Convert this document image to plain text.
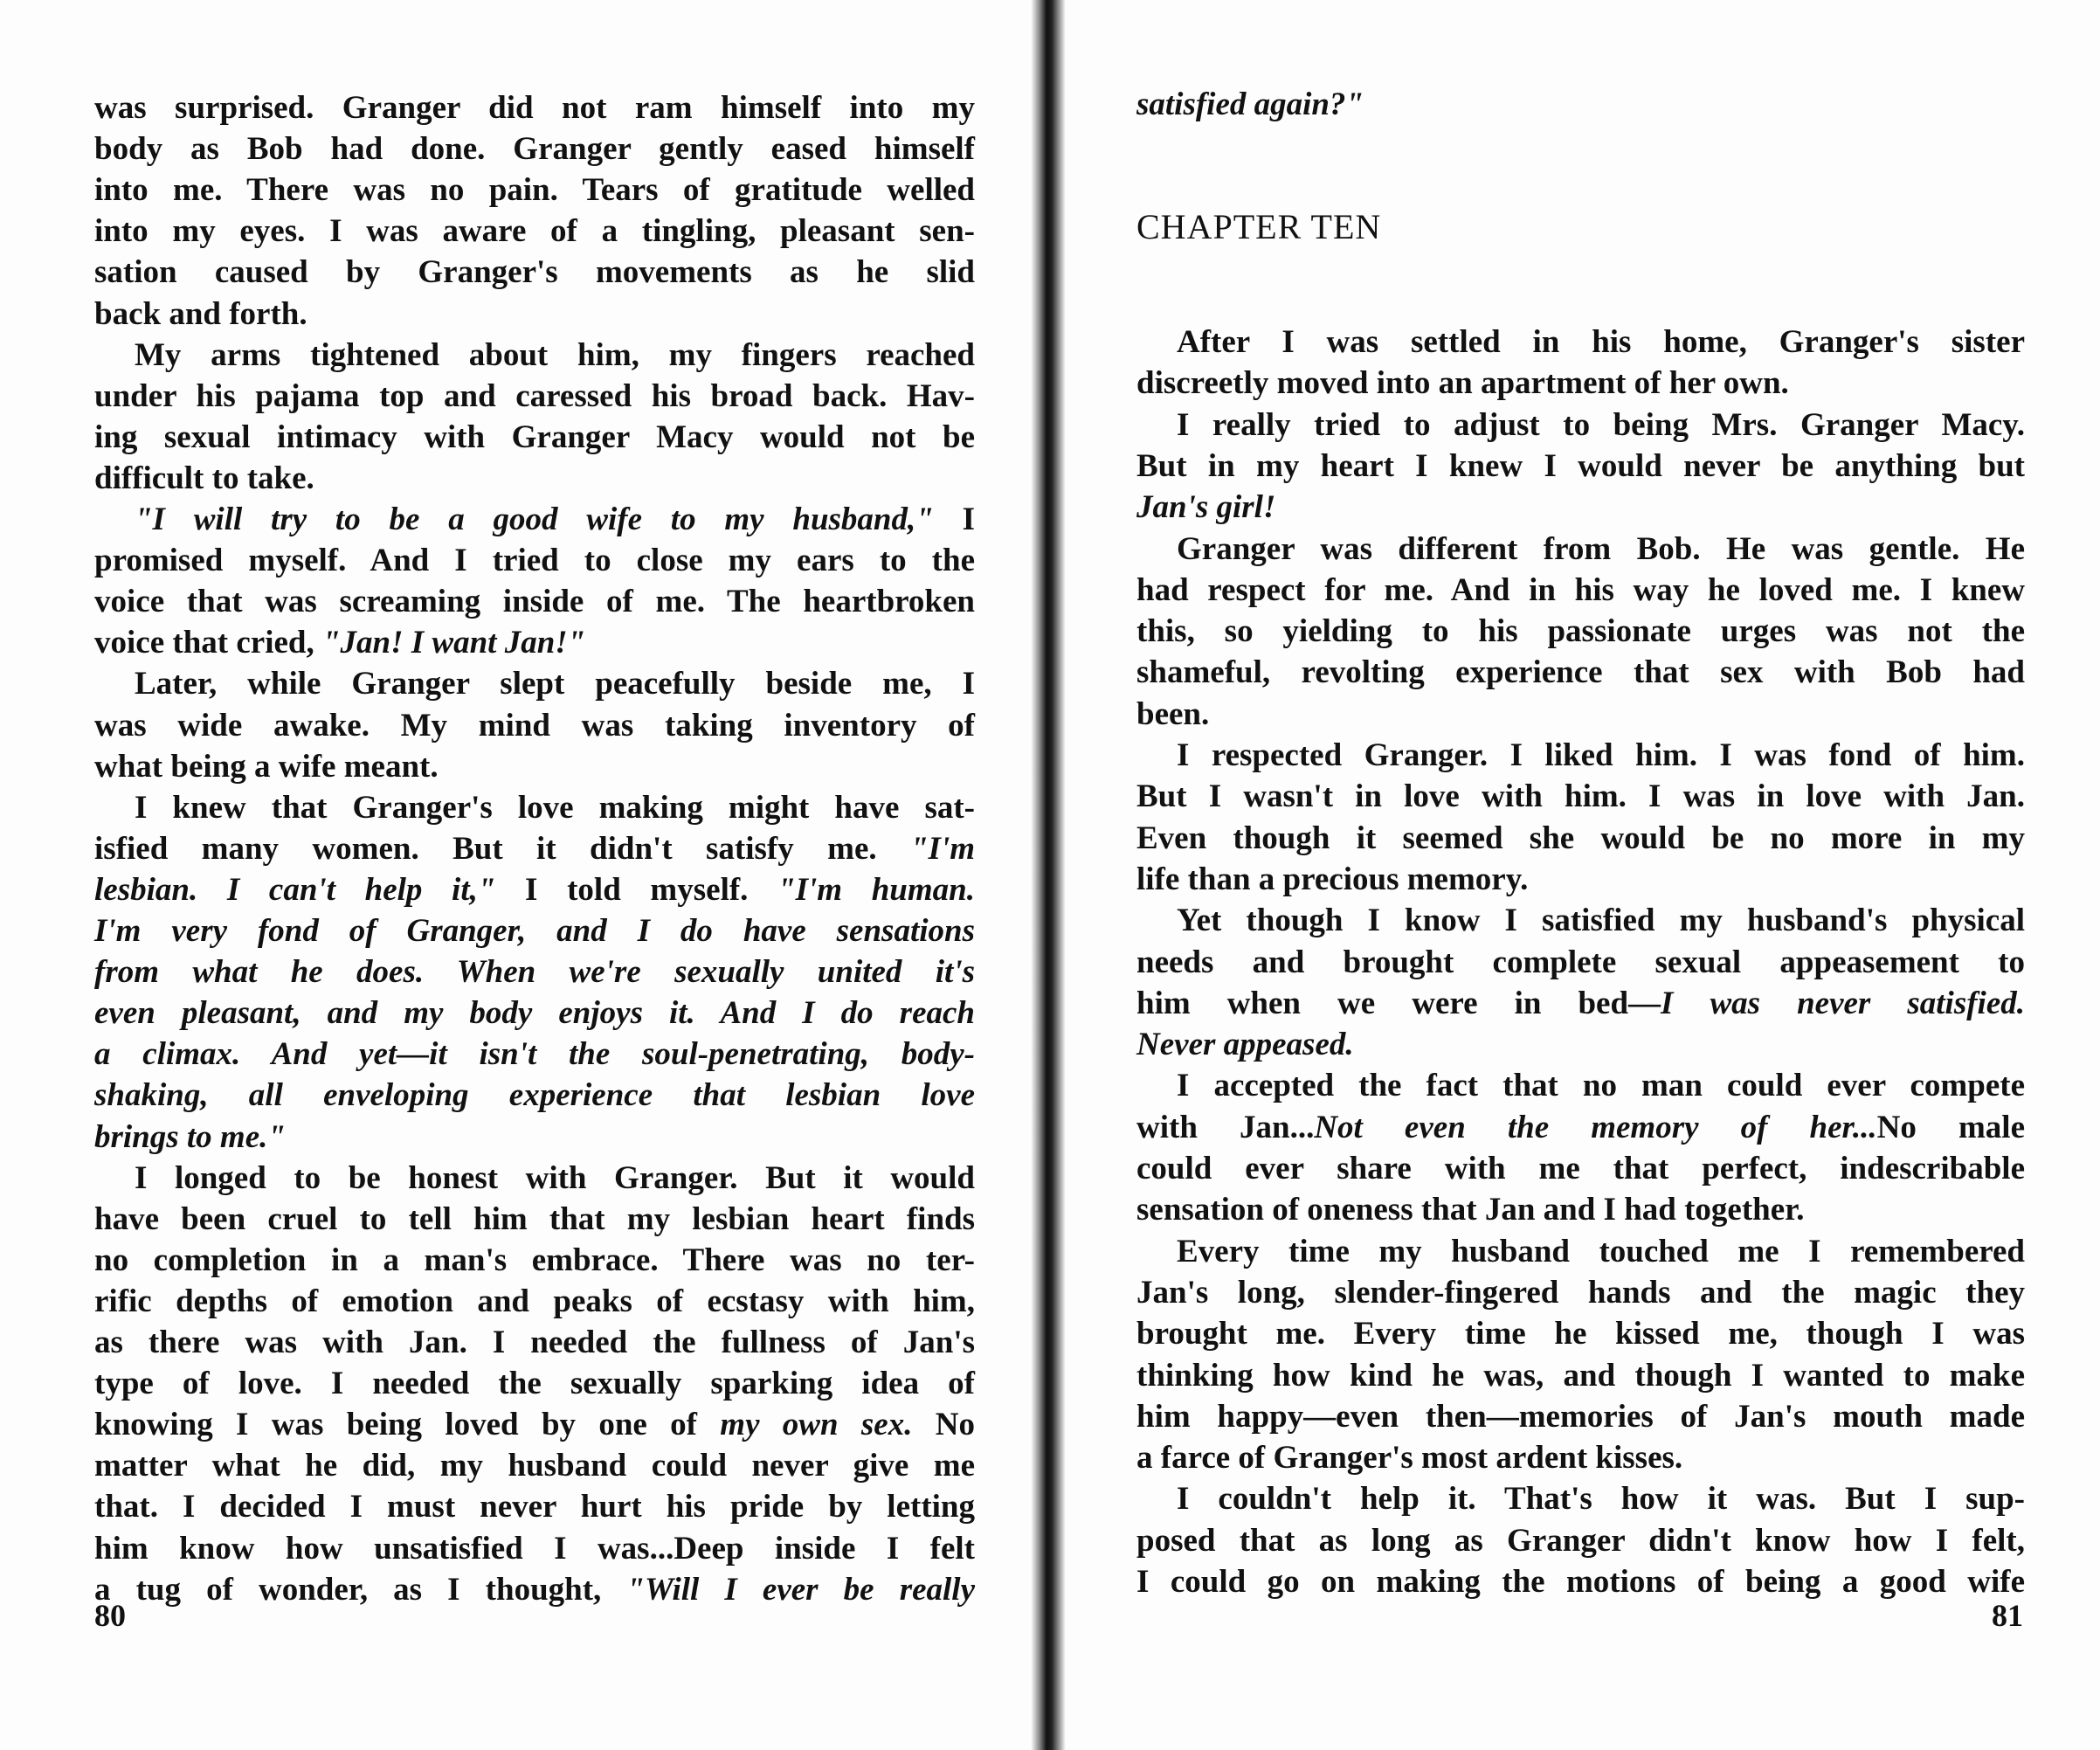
was surprised. Granger did not ram himself into my
body as Bob had done. Granger gently eased himself
into me. There was no pain. Tears of gratitude welled
into my eyes. I was aware of a tingling, pleasant sen-
sation caused by Granger's movements as he slid
back and forth.
My arms tightened about him, my fingers reached
under his pajama top and caressed his broad back. Hav-
ing sexual intimacy with Granger Macy would not be
difficult to take.
"I will try to be a good wife to my husband," I
promised myself. And I tried to close my ears to the
voice that was screaming inside of me. The heartbroken
voice that cried, "Jan! I want Jan!"
Later, while Granger slept peacefully beside me, I
was wide awake. My mind was taking inventory of
what being a wife meant.
I knew that Granger's love making might have sat-
isfied many women. But it didn't satisfy me. "I'm
lesbian. I can't help it," I told myself. "I'm human.
I'm very fond of Granger, and I do have sensations
from what he does. When we're sexually united it's
even pleasant, and my body enjoys it. And I do reach
a climax. And yet—it isn't the soul-penetrating, body-
shaking, all enveloping experience that lesbian love
brings to me."
I longed to be honest with Granger. But it would
have been cruel to tell him that my lesbian heart finds
no completion in a man's embrace. There was no ter-
rific depths of emotion and peaks of ecstasy with him,
as there was with Jan. I needed the fullness of Jan's
type of love. I needed the sexually sparking idea of
knowing I was being loved by one of my own sex. No
matter what he did, my husband could never give me
that. I decided I must never hurt his pride by letting
him know how unsatisfied I was...Deep inside I felt
a tug of wonder, as I thought, "Will I ever be really
After I was settled in his home, Granger's sister
discreetly moved into an apartment of her own.
I really tried to adjust to being Mrs. Granger Macy.
But in my heart I knew I would never be anything but
Jan's girl!
Granger was different from Bob. He was gentle. He
had respect for me. And in his way he loved me. I knew
this, so yielding to his passionate urges was not the
shameful, revolting experience that sex with Bob had
been.
I respected Granger. I liked him. I was fond of him.
But I wasn't in love with him. I was in love with Jan.
Even though it seemed she would be no more in my
life than a precious memory.
Yet though I know I satisfied my husband's physical
needs and brought complete sexual appeasement to
him when we were in bed—I was never satisfied.
Never appeased.
I accepted the fact that no man could ever compete
with Jan...Not even the memory of her...No male
could ever share with me that perfect, indescribable
sensation of oneness that Jan and I had together.
Every time my husband touched me I remembered
Jan's long, slender-fingered hands and the magic they
brought me. Every time he kissed me, though I was
thinking how kind he was, and though I wanted to make
him happy—even then—memories of Jan's mouth made
a farce of Granger's most ardent kisses.
I couldn't help it. That's how it was. But I sup-
posed that as long as Granger didn't know how I felt,
I could go on making the motions of being a good wife
satisfied again?"
CHAPTER TEN
80	81
